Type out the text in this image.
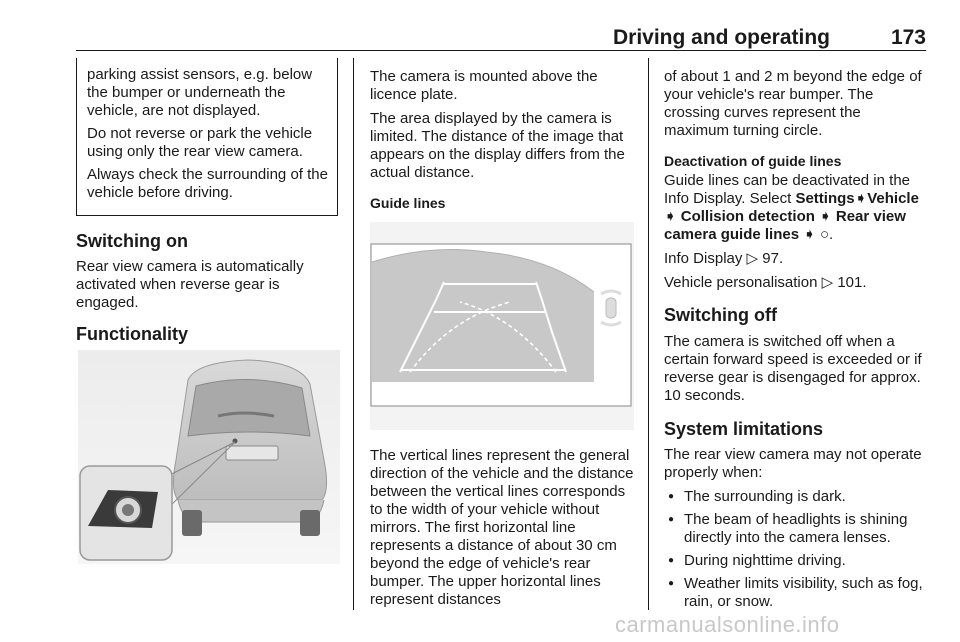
Driving and operating	173

parking assist sensors, e.g. below the bumper or underneath the vehicle, are not displayed.

Do not reverse or park the vehicle using only the rear view camera.

Always check the surrounding of the vehicle before driving.

Switching on

Rear view camera is automatically activated when reverse gear is engaged.

Functionality

The camera is mounted above the licence plate.

The area displayed by the camera is limited. The distance of the image that appears on the display differs from the actual distance.

Guide lines

The vertical lines represent the general direction of the vehicle and the distance between the vertical lines corresponds to the width of your vehicle without mirrors. The first horizontal line represents a distance of about 30 cm beyond the edge of vehicle's rear bumper. The upper horizontal lines represent distances

of about 1 and 2 m beyond the edge of your vehicle's rear bumper. The crossing curves represent the maximum turning circle.

Deactivation of guide lines

Guide lines can be deactivated in the Info Display. Select Settings➧Vehicle ➧ Collision detection ➧ Rear view camera guide lines ➧ ○.

Info Display ▷ 97.

Vehicle personalisation ▷ 101.

Switching off

The camera is switched off when a certain forward speed is exceeded or if reverse gear is disengaged for approx. 10 seconds.

System limitations

The rear view camera may not operate properly when:

● The surrounding is dark.
● The beam of headlights is shining directly into the camera lenses.
● During nighttime driving.
● Weather limits visibility, such as fog, rain, or snow.
carmanualsonline.info
